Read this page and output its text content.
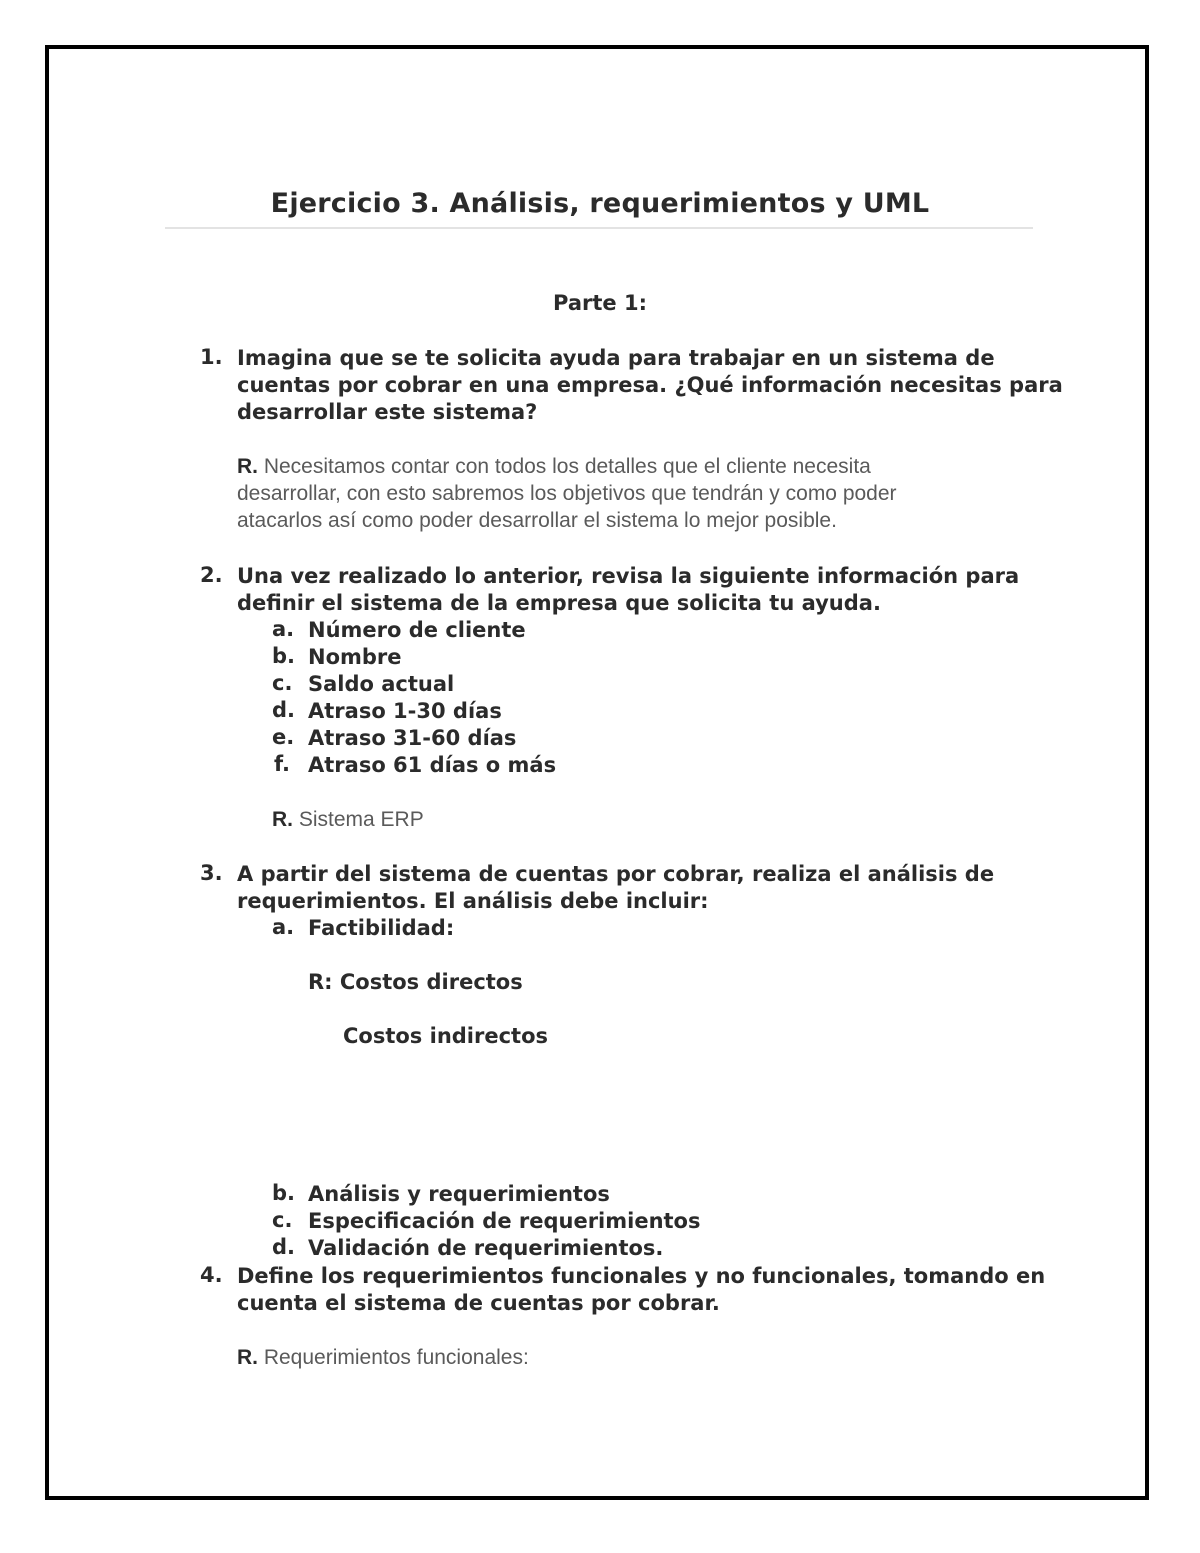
Ejercicio 3. Análisis, requerimientos y UML
Parte 1:
1. Imagina que se te solicita ayuda para trabajar en un sistema de
cuentas por cobrar en una empresa. ¿Qué información necesitas para
desarrollar este sistema?
R. Necesitamos contar con todos los detalles que el cliente necesita
desarrollar, con esto sabremos los objetivos que tendrán y como poder
atacarlos así como poder desarrollar el sistema lo mejor posible.
2. Una vez realizado lo anterior, revisa la siguiente información para
definir el sistema de la empresa que solicita tu ayuda.
a. Número de cliente
b. Nombre
c. Saldo actual
d. Atraso 1-30 días
e. Atraso 31-60 días
f. Atraso 61 días o más
R. Sistema ERP
3. A partir del sistema de cuentas por cobrar, realiza el análisis de
requerimientos. El análisis debe incluir:
a. Factibilidad:
R: Costos directos
Costos indirectos
b. Análisis y requerimientos
c. Especificación de requerimientos
d. Validación de requerimientos.
4. Define los requerimientos funcionales y no funcionales, tomando en
cuenta el sistema de cuentas por cobrar.
R. Requerimientos funcionales:
